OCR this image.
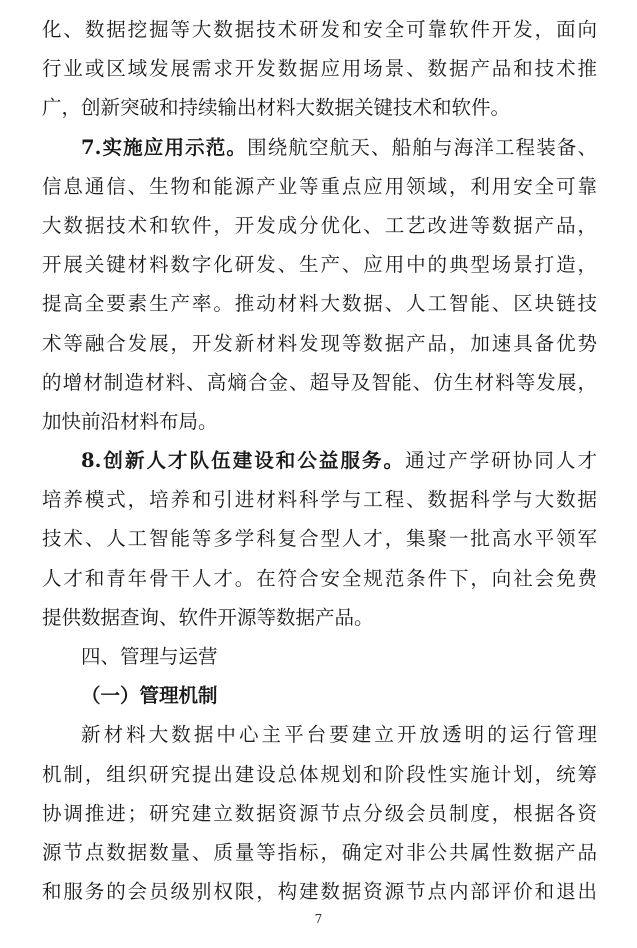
化、数据挖掘等大数据技术研发和安全可靠软件开发，面向
行业或区域发展需求开发数据应用场景、数据产品和技术推
广，创新突破和持续输出材料大数据关键技术和软件。
7.实施应用示范。围绕航空航天、船舶与海洋工程装备、
信息通信、生物和能源产业等重点应用领域，利用安全可靠
大数据技术和软件，开发成分优化、工艺改进等数据产品，
开展关键材料数字化研发、生产、应用中的典型场景打造，
提高全要素生产率。推动材料大数据、人工智能、区块链技
术等融合发展，开发新材料发现等数据产品，加速具备优势
的增材制造材料、高熵合金、超导及智能、仿生材料等发展，
加快前沿材料布局。
8.创新人才队伍建设和公益服务。通过产学研协同人才
培养模式，培养和引进材料科学与工程、数据科学与大数据
技术、人工智能等多学科复合型人才，集聚一批高水平领军
人才和青年骨干人才。在符合安全规范条件下，向社会免费
提供数据查询、软件开源等数据产品。
四、管理与运营
（一）管理机制
新材料大数据中心主平台要建立开放透明的运行管理
机制，组织研究提出建设总体规划和阶段性实施计划，统筹
协调推进；研究建立数据资源节点分级会员制度，根据各资
源节点数据数量、质量等指标，确定对非公共属性数据产品
和服务的会员级别权限，构建数据资源节点内部评价和退出
7
